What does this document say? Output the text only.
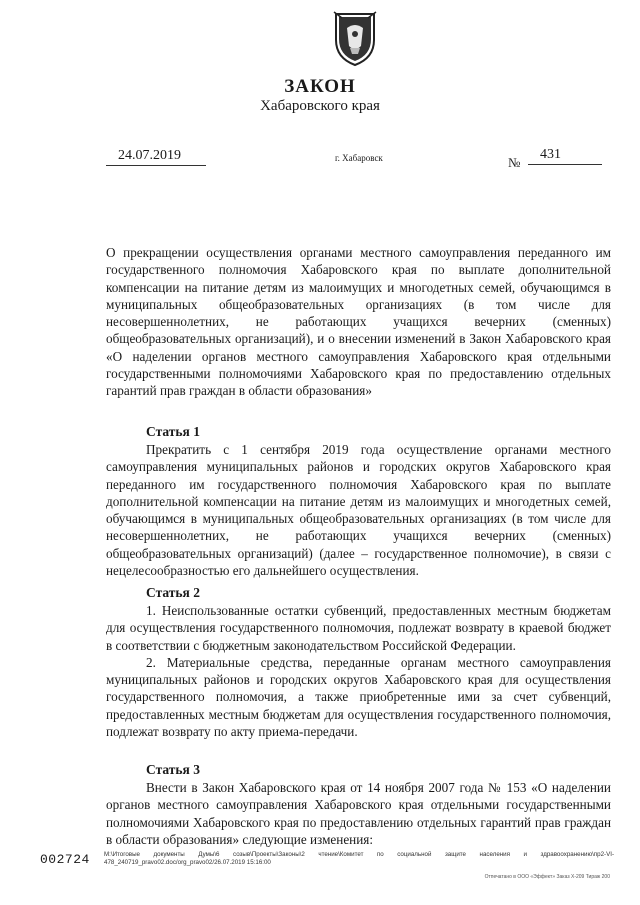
ЗАКОН
Хабаровского края
24.07.2019	г. Хабаровск	№
431
О прекращении осуществления органами местного самоуправления переданного им государственного полномочия Хабаровского края по выплате дополнительной компенсации на питание детям из малоимущих и многодетных семей, обучающимся в муниципальных общеобразовательных организациях (в том числе для несовершеннолетних, не работающих учащихся вечерних (сменных) общеобразовательных организаций), и о внесении изменений в Закон Хабаровского края «О наделении органов местного самоуправления Хабаровского края отдельными государственными полномочиями Хабаровского края по предоставлению отдельных гарантий прав граждан в области образования»
Статья 1

Прекратить с 1 сентября 2019 года осуществление органами местного самоуправления муниципальных районов и городских округов Хабаровского края переданного им государственного полномочия Хабаровского края по выплате дополнительной компенсации на питание детям из малоимущих и многодетных семей, обучающимся в муниципальных общеобразовательных организациях (в том числе для несовершеннолетних, не работающих учащихся вечерних (сменных) общеобразовательных организаций) (далее – государственное полномочие), в связи с нецелесообразностью его дальнейшего осуществления.

Статья 2

1. Неиспользованные остатки субвенций, предоставленных местным бюджетам для осуществления государственного полномочия, подлежат возврату в краевой бюджет в соответствии с бюджетным законодательством Российской Федерации.

2. Материальные средства, переданные органам местного самоуправления муниципальных районов и городских округов Хабаровского края для осуществления государственного полномочия, а также приобретенные ими за счет субвенций, предоставленных местным бюджетам для осуществления государственного полномочия, подлежат возврату по акту приема-передачи.

Статья 3

Внести в Закон Хабаровского края от 14 ноября 2007 года № 153 «О наделении органов местного самоуправления Хабаровского края отдельными государственными полномочиями Хабаровского края по предоставлению отдельных гарантий прав граждан в области образования» следующие изменения:

002724 М:\Итоговые документы Думы\6 созыв\Проекты\Законы\2 чтение\Комитет по социальной защите населения и здравоохранению\пр2-VI-478_240719_pravo02.doc/org_pravo02/26.07.2019 15:16:00
Отпечатано в ООО «Эффект» Заказ Х-209 Тираж 200
